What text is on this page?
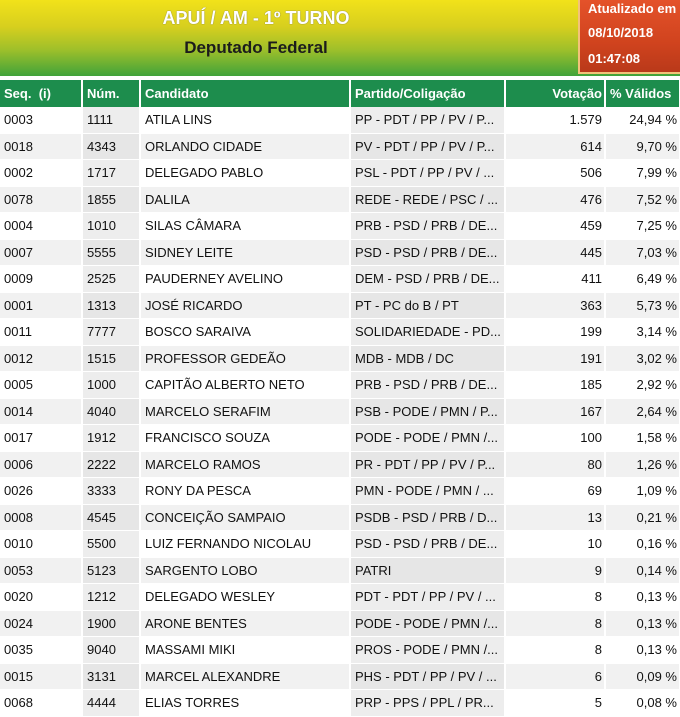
APUÍ / AM - 1º TURNO
Deputado Federal
Atualizado em
08/10/2018
01:47:08
Seq. (i)	Núm.	Candidato	Partido/Coligação	Votação	% Válidos
0003	1111	ATILA LINS	PP - PDT / PP / PV / P...	1.579	24,94 %
0018	4343	ORLANDO CIDADE	PV - PDT / PP / PV / P...	614	9,70 %
0002	1717	DELEGADO PABLO	PSL - PDT / PP / PV / ...	506	7,99 %
0078	1855	DALILA	REDE - REDE / PSC / ...	476	7,52 %
0004	1010	SILAS CÂMARA	PRB - PSD / PRB / DE...	459	7,25 %
0007	5555	SIDNEY LEITE	PSD - PSD / PRB / DE...	445	7,03 %
0009	2525	PAUDERNEY AVELINO	DEM - PSD / PRB / DE...	411	6,49 %
0001	1313	JOSÉ RICARDO	PT - PC do B / PT	363	5,73 %
0011	7777	BOSCO SARAIVA	SOLIDARIEDADE - PD...	199	3,14 %
0012	1515	PROFESSOR GEDEÃO	MDB - MDB / DC	191	3,02 %
0005	1000	CAPITÃO ALBERTO NETO	PRB - PSD / PRB / DE...	185	2,92 %
0014	4040	MARCELO SERAFIM	PSB - PODE / PMN / P...	167	2,64 %
0017	1912	FRANCISCO SOUZA	PODE - PODE / PMN /...	100	1,58 %
0006	2222	MARCELO RAMOS	PR - PDT / PP / PV / P...	80	1,26 %
0026	3333	RONY DA PESCA	PMN - PODE / PMN / ...	69	1,09 %
0008	4545	CONCEIÇÃO SAMPAIO	PSDB - PSD / PRB / D...	13	0,21 %
0010	5500	LUIZ FERNANDO NICOLAU	PSD - PSD / PRB / DE...	10	0,16 %
0053	5123	SARGENTO LOBO	PATRI	9	0,14 %
0020	1212	DELEGADO WESLEY	PDT - PDT / PP / PV / ...	8	0,13 %
0024	1900	ARONE BENTES	PODE - PODE / PMN /...	8	0,13 %
0035	9040	MASSAMI MIKI	PROS - PODE / PMN /...	8	0,13 %
0015	3131	MARCEL ALEXANDRE	PHS - PDT / PP / PV / ...	6	0,09 %
0068	4444	ELIAS TORRES	PRP - PPS / PPL / PR...	5	0,08 %
